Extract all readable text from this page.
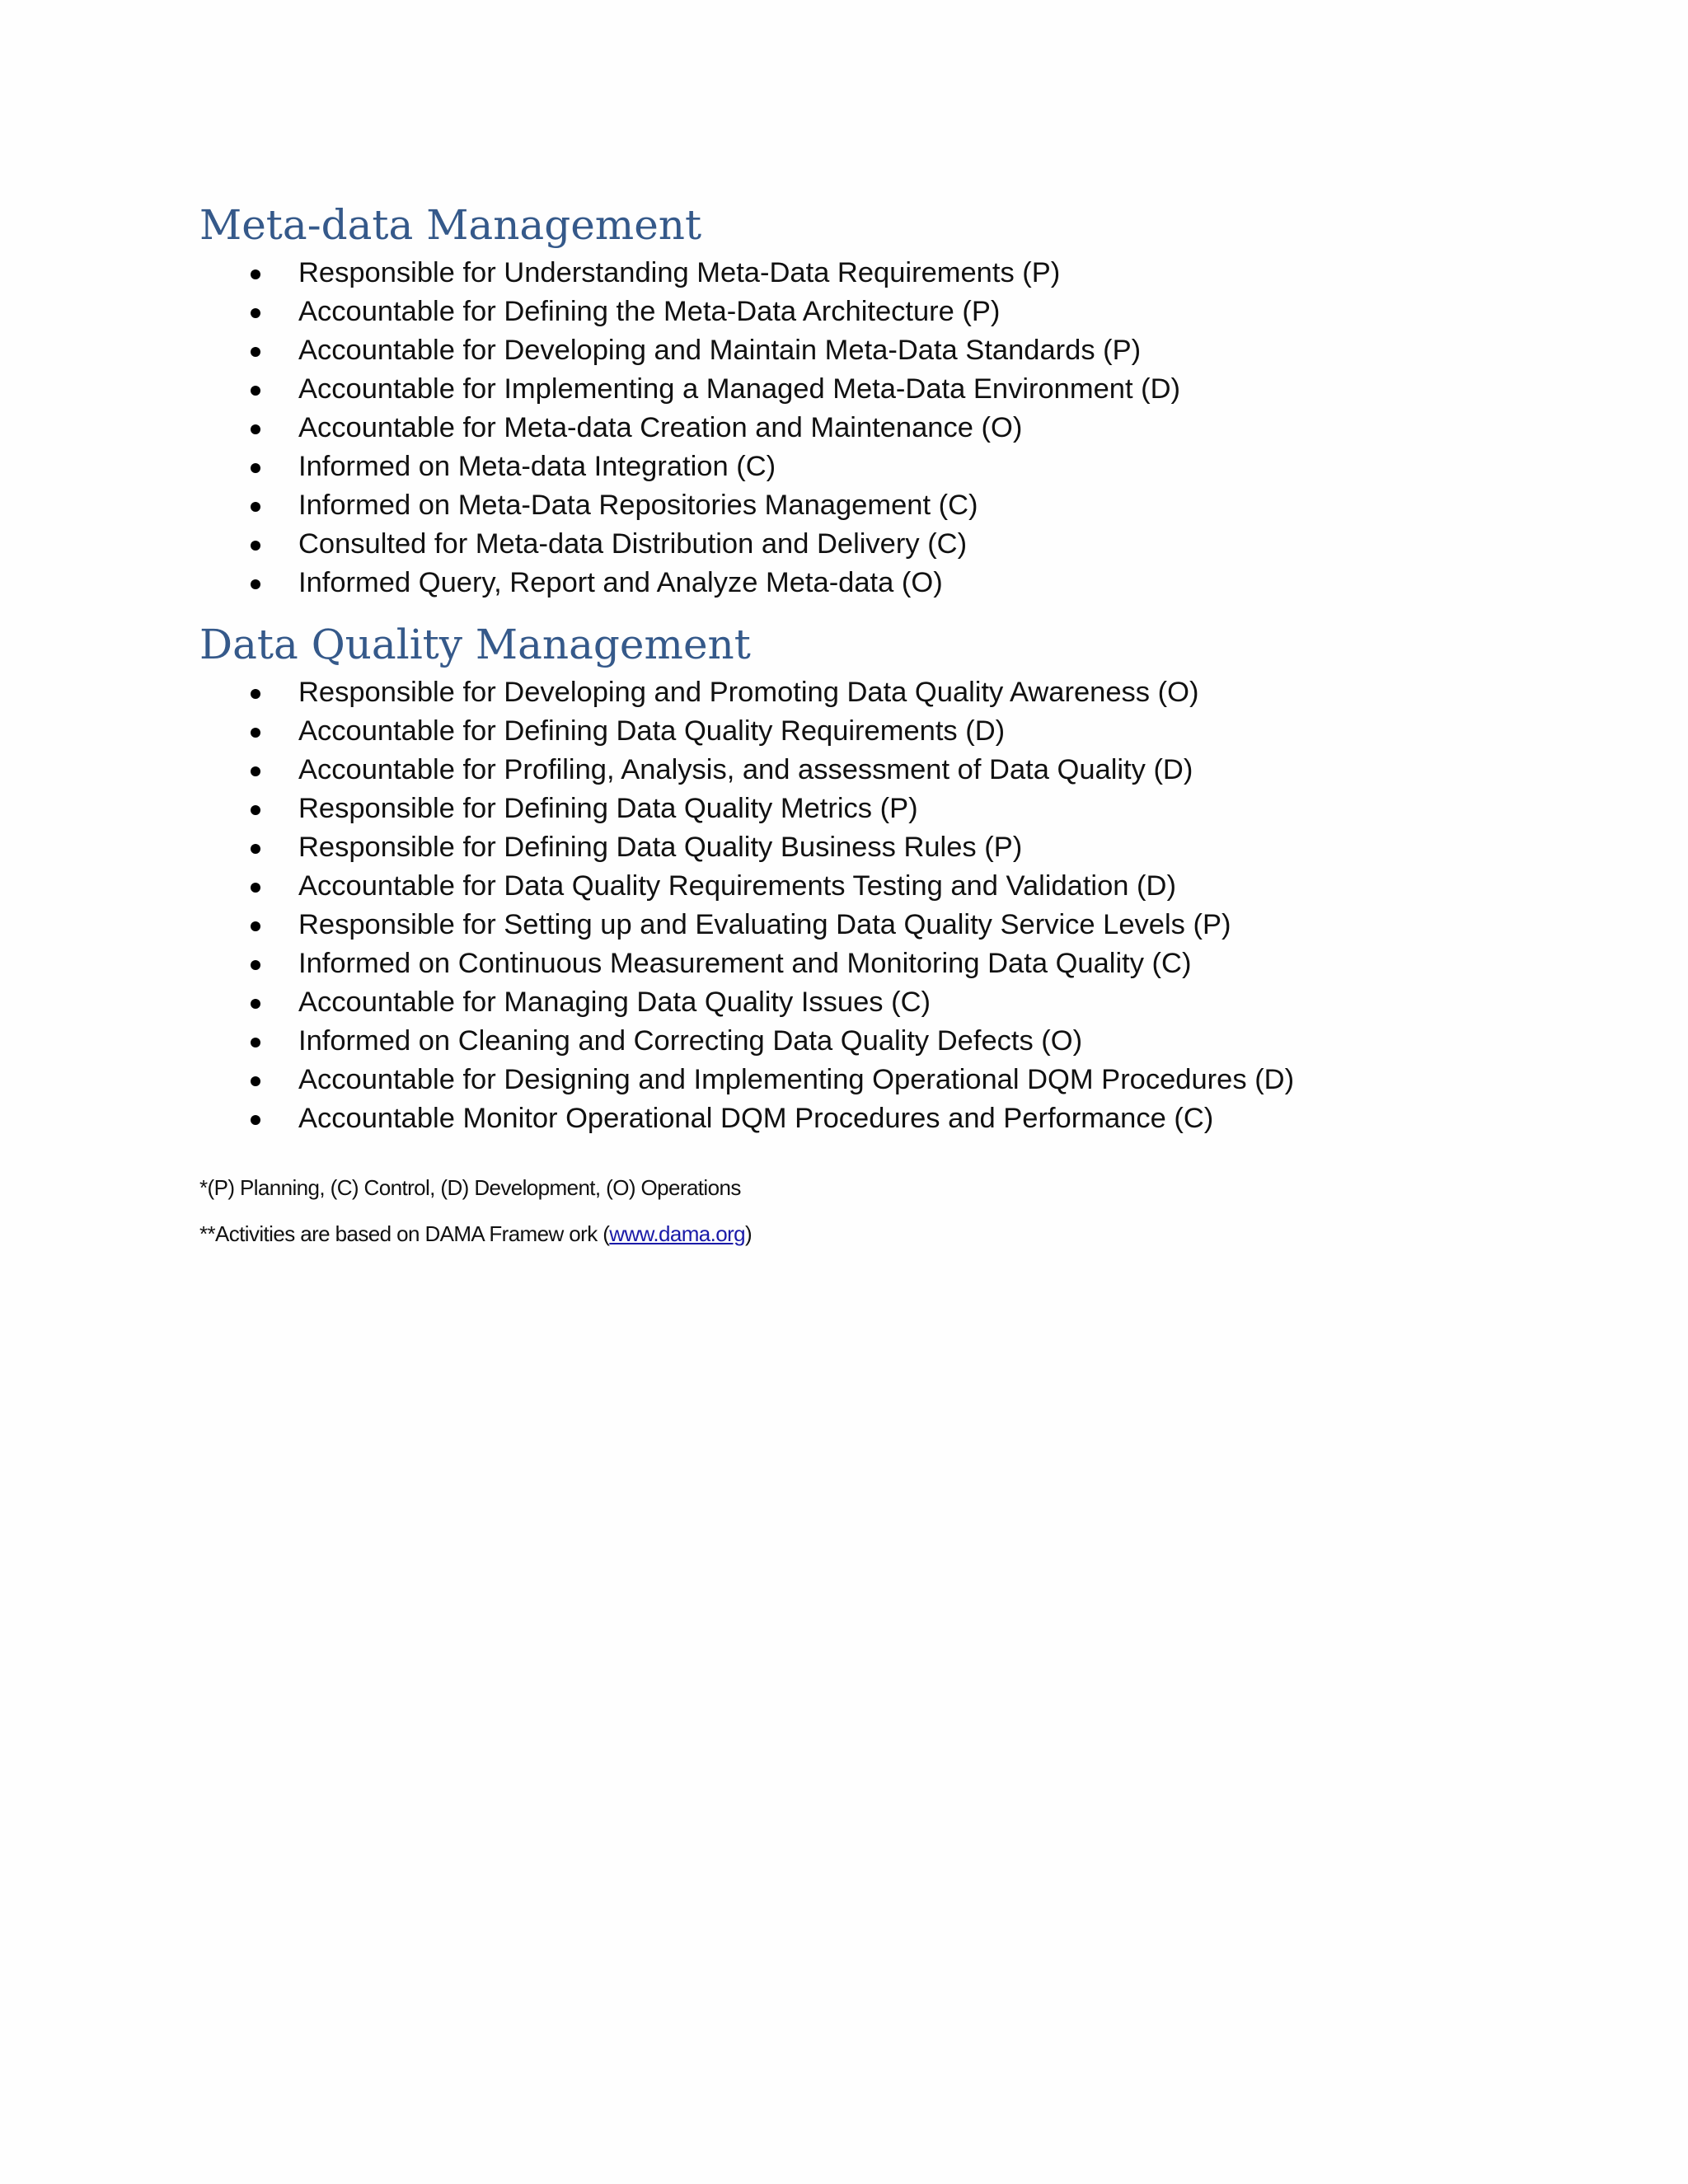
Meta-data Management
Responsible for Understanding Meta-Data Requirements (P)
Accountable for Defining the Meta-Data Architecture (P)
Accountable for Developing and Maintain Meta-Data Standards (P)
Accountable for Implementing a Managed Meta-Data Environment (D)
Accountable for Meta-data Creation and Maintenance (O)
Informed on Meta-data Integration (C)
Informed on Meta-Data Repositories Management (C)
Consulted for Meta-data Distribution and Delivery (C)
Informed Query, Report and Analyze Meta-data (O)
Data Quality Management
Responsible for Developing and Promoting Data Quality Awareness (O)
Accountable for Defining Data Quality Requirements (D)
Accountable for Profiling, Analysis, and assessment of Data Quality (D)
Responsible for Defining Data Quality Metrics (P)
Responsible for Defining Data Quality Business Rules (P)
Accountable for Data Quality Requirements Testing and Validation (D)
Responsible for Setting up and Evaluating Data Quality Service Levels (P)
Informed on Continuous Measurement and Monitoring Data Quality (C)
Accountable for Managing Data Quality Issues (C)
Informed on Cleaning and Correcting Data Quality Defects (O)
Accountable for Designing and Implementing Operational DQM Procedures (D)
Accountable Monitor Operational DQM Procedures and Performance (C)
*(P) Planning, (C) Control, (D) Development, (O) Operations
**Activities are based on DAMA Framew ork (www.dama.org)
